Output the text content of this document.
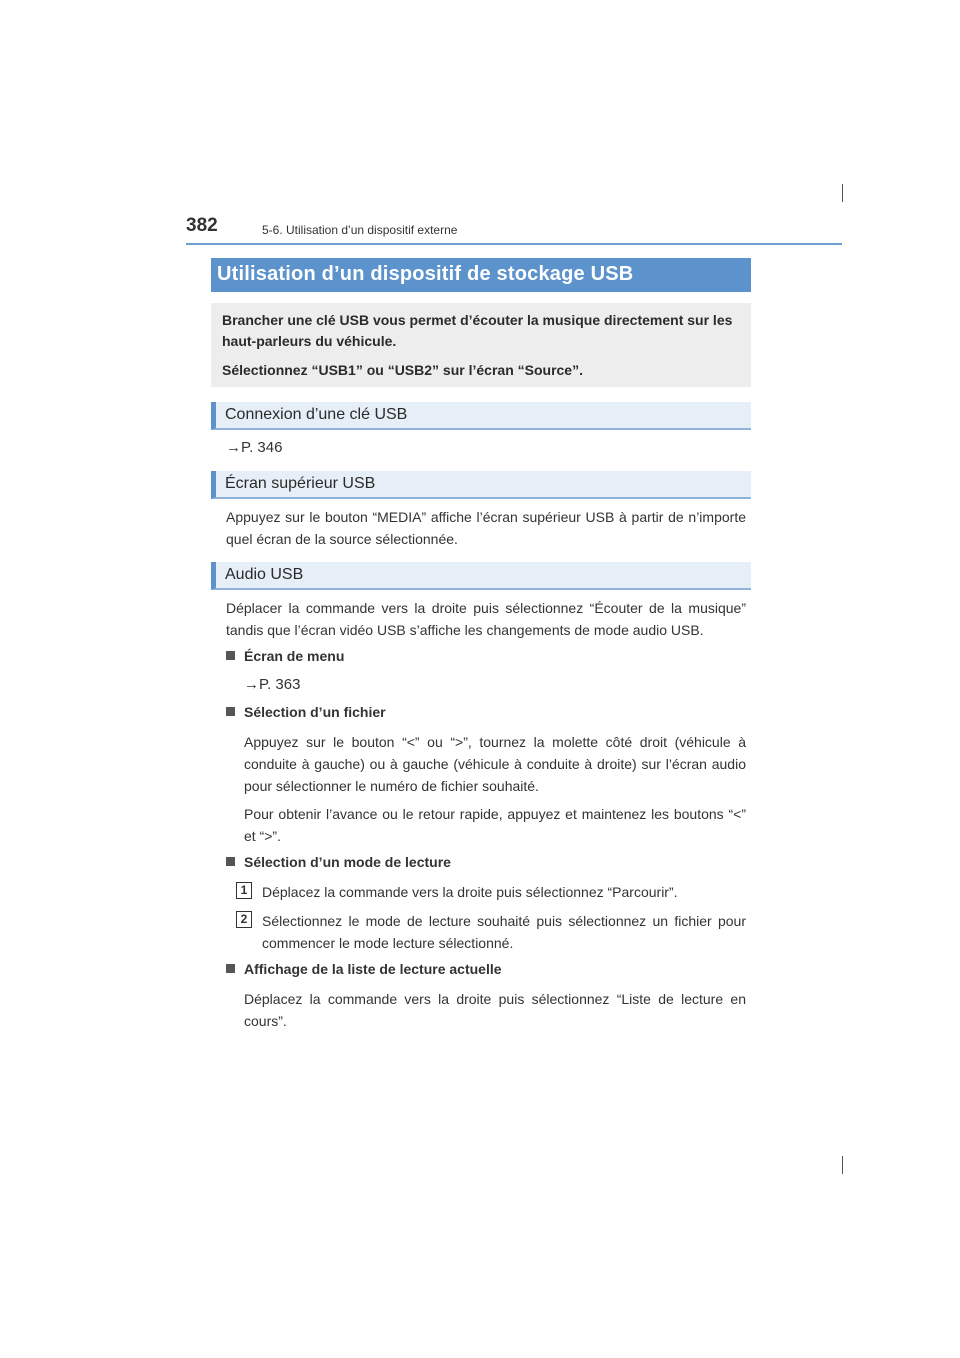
382	5-6. Utilisation d’un dispositif externe
Utilisation d’un dispositif de stockage USB

Brancher une clé USB vous permet d’écouter la musique directement sur les haut-parleurs du véhicule.

Sélectionnez “USB1” ou “USB2” sur l’écran “Source”.

Connexion d’une clé USB
→P. 346
Écran supérieur USB
Appuyez sur le bouton “MEDIA” affiche l’écran supérieur USB à partir de n’importe quel écran de la source sélectionnée.
Audio USB
Déplacer la commande vers la droite puis sélectionnez “Écouter de la musique” tandis que l’écran vidéo USB s’affiche les changements de mode audio USB.
Écran de menu
→P. 363
Sélection d’un fichier
Appuyez sur le bouton “<” ou “>”, tournez la molette côté droit (véhicule à conduite à gauche) ou à gauche (véhicule à conduite à droite) sur l’écran audio pour sélectionner le numéro de fichier souhaité.
Pour obtenir l’avance ou le retour rapide, appuyez et maintenez les boutons “<” et “>”.
Sélection d’un mode de lecture
1	Déplacez la commande vers la droite puis sélectionnez “Parcourir”.
2	Sélectionnez le mode de lecture souhaité puis sélectionnez un fichier pour commencer le mode lecture sélectionné.
Affichage de la liste de lecture actuelle
Déplacez la commande vers la droite puis sélectionnez “Liste de lecture en cours”.
